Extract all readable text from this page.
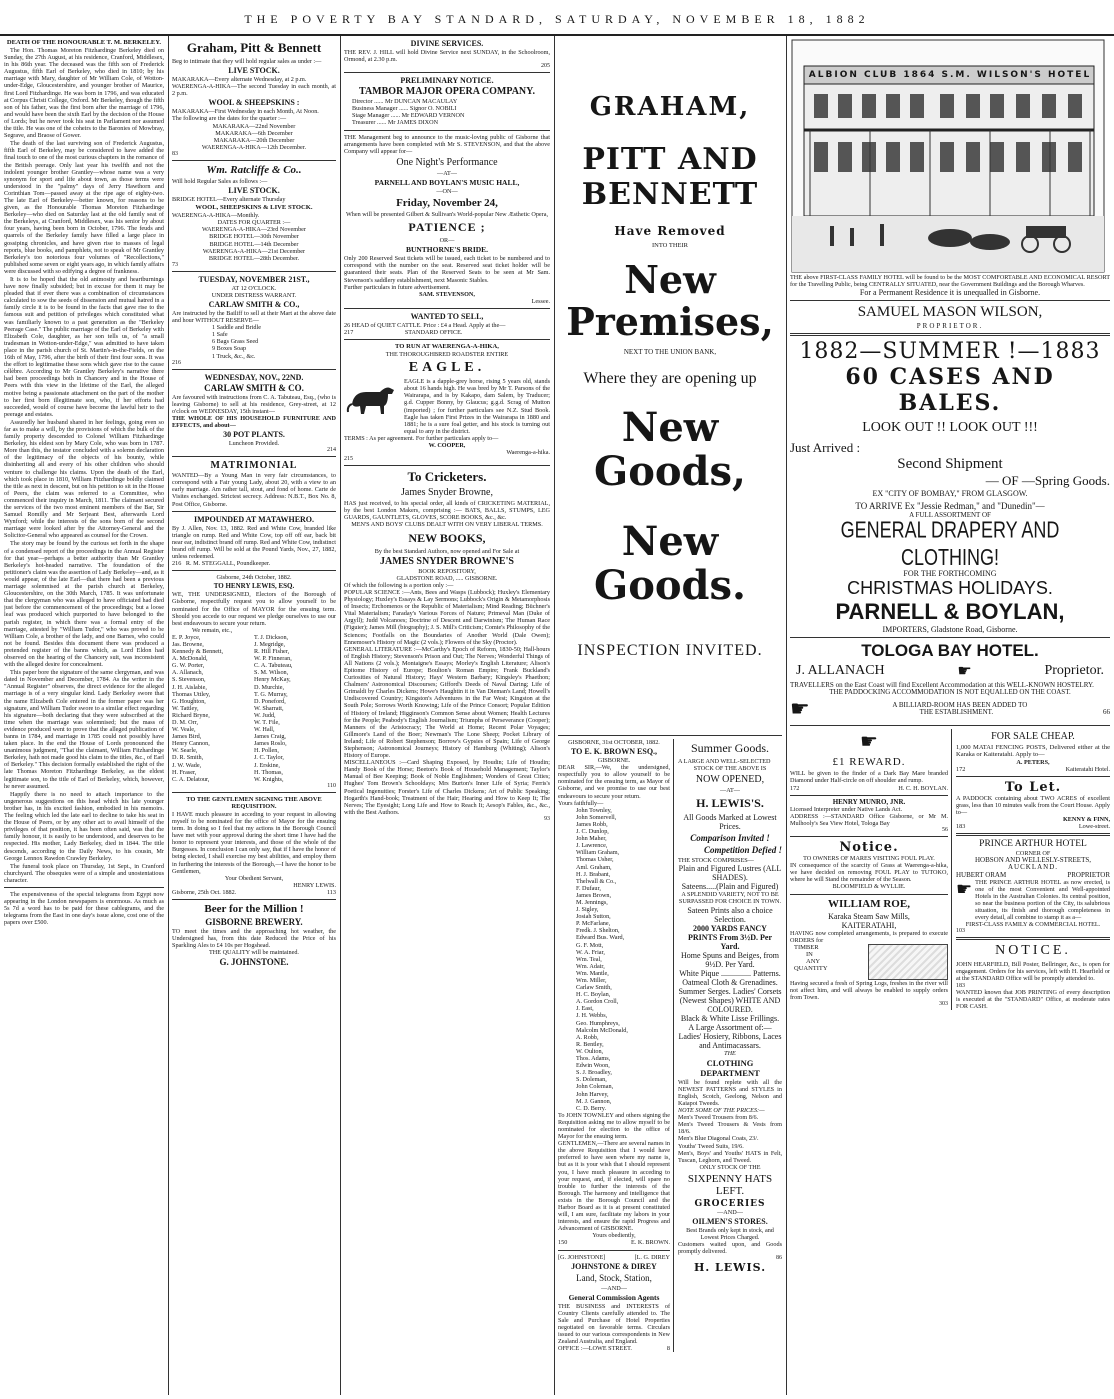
THE POVERTY BAY STANDARD, SATURDAY, NOVEMBER 18, 1882
DEATH OF THE HONOURABLE T. M. BERKELEY.

The Hon. Thomas Moreton Fitzhardinge Berkeley died on Sunday, the 27th August, at his residence, Cranford, Middlesex, in his 86th year. The deceased was the fifth son of Frederick Augustus, fifth Earl of Berkeley, who died in 1810; by his marriage with Mary, daughter of Mr William Cole, of Wotton-under-Edge, Gloucestershire, and younger brother of Maurice, first Lord Fitzhardinge. He was born in 1796, and was educated at Corpus Christi College, Oxford. Mr Berkeley, though the fifth son of his father, was the first born after the marriage of 1796, and would have been the sixth Earl by the decision of the House of Lords; but he never took his seat in Parliament nor assumed the title. He was one of the coheirs to the Baronies of Mowbray, Segrave, and Braose of Gower.

The death of the last surviving son of Frederick Augustus, fifth Earl of Berkeley, may be considered to have added the final touch to one of the most curious chapters in the romance of the British peerage. Only last year his twelfth and not the indolent younger brother Grantley—whose name was a very synonym for sport and life about town, as those terms were understood in the "palmy" days of Jerry Hawthorn and Corinthian Tom—passed away at the ripe age of eighty-two. The late Earl of Berkeley—better known, for reasons to be given, as the Honourable Thomas Moreton Fitzhardinge Berkeley—who died on Saturday last at the old family seat of the Berkeleys, at Cranford, Middlesex, was his senior by about four years, having been born in October, 1796. The feuds and quarrels of the Berkeley family have filled a large place in gossiping chronicles, and have given rise to masses of legal reports, blue books, and pamphlets, not to speak of Mr Grantley Berkeley's too notorious four volumes of "Recollections," published some seven or eight years ago, in which family affairs were discussed with so edifying a degree of frankness.

It is to be hoped that the old animosity and heartburnings have now finally subsided; but in excuse for them it may be pleaded that if ever there was a combination of circumstances calculated to sow the seeds of dissension and mutual hatred in a family circle it is to be found in the facts that gave rise to the famous suit and petition of privileges which constituted what was familiarly known to a past generation as the "Berkeley Peerage Case." The public marriage of the Earl of Berkeley with Elizabeth Cole, daughter, as her son tells us, of "a small tradesman in Wotton-under-Edge," was admitted to have taken place in the parish church of St. Martin's-in-the-Fields, on the 16th of May, 1796, after the birth of their first four sons. It was the effort to legitimatise these sons which gave rise to the cause célèbre. According to Mr Grantley Berkeley's narrative there had been proceedings both in Chancery and in the House of Peers with this view in the lifetime of the Earl, the alleged motive being a passionate attachment on the part of the mother to her first born illegitimate son, who, if her efforts had succeeded, would of course have become the lawful heir to the peerage and estates.

Assuredly her husband shared in her feelings, going even so far as to make a will, by the provisions of which the bulk of the family property descended to Colonel William Fitzhardinge Berkeley, his eldest son by Mary Cole, who was born in 1787. More than this, the testator concluded with a solemn declaration of the legitimacy of the objects of his bounty, while disinheriting all and every of his other children who should venture to challenge his claims. Upon the death of the Earl, which took place in 1810, William Fitzhardinge boldly claimed the title as next in descent, but on his petition to sit in the House of Peers, the claim was referred to a Committee, who commenced their inquiry in March, 1811. The claimant secured the services of the two most eminent members of the Bar, Sir Samuel Romilly and Mr Serjeant Best, afterwards Lord Wynford; while the interests of the sons born of the second marriage were looked after by the Attorney-General and the Solicitor-General who appeared as counsel for the Crown.

The story may be found by the curious set forth in the shape of a condensed report of the proceedings in the Annual Register for that year—perhaps a better authority than Mr Grantley Berkeley's hot-headed narrative. The foundation of the petitioner's claim was the assertion of Lady Berkeley—and, as it would appear, of the late Earl—that there had been a previous marriage solemnised at the parish church at Berkeley, Gloucestershire, on the 30th March, 1785. It was unfortunate that the clergyman who was alleged to have officiated had died just before the commencement of the proceedings; but a loose leaf was produced which purported to have belonged to the parish register, in which there was a formal entry of the marriage, attested by "William Tudor," who was proved to be William Cole, a brother of the lady, and one Barnes, who could not be found. Besides this document there was produced a pretended register of the banns which, as Lord Eldon had observed on the hearing of the Chancery suit, was inconsistent with the alleged desire for concealment.

This paper bore the signature of the same clergyman, and was dated in November and December, 1784. As the writer in the "Annual Register" observes, the direct evidence for the alleged marriage is of a very singular kind. Lady Berkeley swore that the name Elizabeth Cole entered in the former paper was her signature, and William Tudor swore to a similar effect regarding his signature—both declaring that they were subscribed at the time when the marriage was solemnised; but the mass of evidence produced went to prove that the alleged publication of banns in 1784, and marriage in 1785 could not possibly have taken place. In the end the House of Lords pronounced the unanimous judgment, "That the claimant, William Fitzhardinge Berkeley, hath not made good his claim to the titles, &c., of Earl of Berkeley." This decision formally established the right of the late Thomas Moreton Fitzhardinge Berkeley, as the eldest legitimate son, to the title of Earl of Berkeley, which, however, he never assumed.

Happily there is no need to attach importance to the ungenerous suggestions on this head which his late younger brother has, in his excited fashion, embodied in his memoirs. The feeling which led the late earl to decline to take his seat in the House of Peers, or by any other act to avail himself of the privileges of that position, it has been often said, was that the family honour, it is easily to be understood, and deserves to be respected. His mother, Lady Berkeley, died in 1844. The title descends, according to the Daily News, to his cousin, Mr George Lennox Rawdon Crawley Berkeley.

The funeral took place on Thursday, 1st Sept., in Cranford churchyard. The obsequies were of a simple and unostentatious character.

The expensiveness of the special telegrams from Egypt now appearing in the London newspapers is enormous. As much as 5s 7d a word has to be paid for these cablegrams, and the telegrams from the East in one day's issue alone, cost one of the papers over £500.

Graham, Pitt & Bennett
Beg to intimate that they will hold regular sales as under :—
LIVE STOCK.
MAKARAKA—Every alternate Wednesday, at 2 p.m.
WAERENGA-A-HIKA—The second Tuesday in each month, at 2 p.m.
WOOL & SHEEPSKINS :
MAKARAKA—First Wednesday in each Month, At Noon.
The following are the dates for the quarter :—
MAKARAKA—22nd November
MAKARAKA—6th December
MAKARAKA—20th December
WAERENGA-A-HIKA—12th December.
83
Wm. Ratcliffe & Co..
Will hold Regular Sales as follows :—
LIVE STOCK.
BRIDGE HOTEL—Every alternate Thursday
WOOL, SHEEPSKINS & LIVE STOCK.
WAERENGA-A-HIKA—Monthly.
DATES FOR QUARTER :—
WAERENGA-A-HIKA—23rd November
BRIDGE HOTEL—30th November
BRIDGE HOTEL—14th December
WAERENGA-A-HIKA—21st December
BRIDGE HOTEL—28th December.
73
TUESDAY, NOVEMBER 21ST.,
AT 12 O'CLOCK.
UNDER DISTRESS WARRANT.
CARLAW SMITH & CO.,
Are instructed by the Bailiff to sell at their Mart at the above date and hour WITHOUT RESERVE—
1 Saddle and Bridle
1 Safe
6 Bags Grass Seed
9 Boxes Soap
1 Truck, &c., &c.
216
WEDNESDAY, NOV., 22ND.
CARLAW SMITH & CO.
Are favoured with instructions from C. A. Tabuteau, Esq., (who is leaving Gisborne) to sell at his residence, Grey-street, at 12 o'clock on WEDNESDAY, 15th instant—
THE WHOLE OF HIS HOUSEHOLD FURNITURE AND EFFECTS, and about—
30 POT PLANTS.
Luncheon Provided.
214
MATRIMONIAL
WANTED—By a Young Man in very fair circumstances, to correspond with a Fair young Lady, about 20, with a view to an early marriage. Am rather tall, stout, and fond of home. Carte de Visites exchanged. Strictest secrecy. Address: N.B.T., Box No. 8, Post Office, Gisborne.
IMPOUNDED AT MATAWHERO.
By J. Allen, Nov. 13, 1882. Red and White Cow, branded like triangle on rump. Red and White Cow, top off off ear, back bit near ear, indistinct brand off rump. Red and White Cow, indistinct brand off rump. Will be sold at the Pound Yards, Nov., 27, 1882, unless redeemed.
216 R. M. STEGGALL, Poundkeeper.
Gisborne, 24th October, 1882.
TO HENRY LEWIS, ESQ.
WE, THE UNDERSIGNED, Electors of the Borough of Gisborne, respectfully request you to allow yourself to be nominated for the Office of MAYOR for the ensuing term. Should you accede to our request we pledge ourselves to use our best endeavours to secure your return.
We remain, etc.,
E. P. Joyce,
Jas. Browne,
Kennedy & Bennett,
A. McDonald,
G. W. Porter,
A. Allanach,
S. Stevenson,
J. H. Aislabie,
Thomas Uttley,
G. Houghton,
W. Tattley,
Richard Bryne,
D. M. Orr,
W. Veale,
James Bird,
Henry Cannon,
W. Searle,
D. R. Smith,
J. W. Wade,
H. Fraser,
C. A. Delatour,
T. J. Dickson,
J. Megridge,
R. Hill Fisher,
W. P. Finneran,
C. A. Tabuteau,
S. M. Wilson,
Henry McKay,
D. Murchie,
T. G. Murray,
D. Poneford,
W. Sharratt,
W. Judd,
W. T. File,
W. Hall,
James Craig,
James Roslo,
H. Pollen,
J. C. Taylor,
J. Erskine,
H. Thomas,
W. Knights,
110
TO THE GENTLEMEN SIGNING THE ABOVE REQUISITION.
I HAVE much pleasure in acceding to your request in allowing myself to be nominated for the office of Mayor for the ensuing term. In doing so I feel that my actions in the Borough Council have met with your approval during the short time I have had the honor to represent your interests, and those of the whole of the Burgesses. In conclusion I can only say, that if I have the honor of being elected, I shall exercise my best abilities, and employ them in furthering the interests of the Borough,—I have the honor to be Gentlemen,
Your Obedient Servant,
HENRY LEWIS.
Gisborne, 25th Oct. 1882.	113
Beer for the Million !
GISBORNE BREWERY.
TO meet the times and the approaching hot weather, the Undersigned has, from this date Reduced the Price of his Sparkling Ales to £4 10s per Hogshead.
THE QUALITY will be maintained.
G. JOHNSTONE.
DIVINE SERVICES.
THE REV. J. HILL will hold Divine Service next SUNDAY, in the Schoolroom, Ormond, at 2.30 p.m.
205
PRELIMINARY NOTICE.
TAMBOR MAJOR OPERA COMPANY.
Director ...... Mr DUNCAN MACAULAY
Business Manager ...... Signor O. NOBILI
Stage Manager ...... Mr EDWARD VERNON
Treasurer ...... Mr JAMES DIXON
THE Management beg to announce to the music-loving public of Gisborne that arrangements have been completed with Mr S. STEVENSON, and that the above Company will appear for—
One Night's Performance
—AT—
PARNELL AND BOYLAN'S MUSIC HALL,
—ON—
Friday, November 24,
When will be presented Gilbert & Sullivan's World-popular New Æsthetic Opera,
PATIENCE ;
OR—
BUNTHORNE'S BRIDE.
Only 200 Reserved Seat tickets will be issued, each ticket to be numbered and to correspond with the number on the seat. Reserved seat ticket holder will be guaranteed their seats. Plan of the Reserved Seats to be seen at Mr Sam. Stevenson's saddlery establishment, next Masonic Stables.
Further particulars in future advertisement.
SAM. STEVENSON,
Lessee.
WANTED TO SELL,
26 HEAD of QUIET CATTLE. Price : £4 a Head. Apply at the—
217	STANDARD OFFICE.
TO RUN AT WAERENGA-A-HIKA,
THE THOROUGHBRED ROADSTER ENTIRE
EAGLE.
EAGLE is a dapple-grey horse, rising 5 years old, stands about 16 hands high. He was bred by Mr T. Parsons of the Wairarapa, and is by Kakapo, dam Salem, by Traducer; g.d. Cupper Bonny, by Glaucus; g.g.d. Scrag of Mutton (imported) ; for further particulars see N.Z. Stud Book. Eagle has taken First Prizes in the Wairarapa in 1880 and 1881; he is a sure foal getter, and his stock is turning out equal to any in the district.
TERMS : As per agreement. For further particulars apply to—
W. COOPER,
Waerenga-a-hika.
215
To Cricketers.
James Snyder Browne,
HAS just received, to his special order, all kinds of CRICKETING MATERIAL, by the best London Makers, comprising :— BATS, BALLS, STUMPS, LEG GUARDS, GAUNTLETS, GLOVES, SCORE BOOKS, &c., &c.
MEN'S AND BOYS' CLUBS DEALT WITH ON VERY LIBERAL TERMS.
NEW BOOKS,
By the best Standard Authors, now opened and For Sale at
JAMES SNYDER BROWNE'S
BOOK REPOSITORY,
GLADSTONE ROAD, ..... GISBORNE.
Of which the following is a portion only :—
POPULAR SCIENCE :—Ants, Bees and Wasps (Lubbock); Huxley's Elementary Physiology; Huxley's Essays & Lay Sermons; Lubbock's Origin & Metamorphosis of Insects; Erchomenos or the Republic of Materialism; Mind Reading; Büchner's Vital Materialism; Faraday's Various Forces of Nature; Primeval Man (Duke of Argyll); Judd Volcanoes; Doctrine of Descent and Darwinism; The Human Race (Figuier); James Mill (biography); J. S. Mill's Criticism; Comte's Philosophy of the Sciences; Footfalls on the Boundaries of Another World (Dale Owen); Ennemoser's History of Magic (2 vols.); Flowers of the Sky (Proctor).
GENERAL LITERATURE :—McCarthy's Epoch of Reform, 1830-50; Hall-hours of English History; Stevenson's Prison and Out; The Nerves; Wonderful Things of All Nations (2 vols.); Montaigne's Essays; Morley's English Literature; Alison's Epitome History of Europe; Boulton's Roman Empire; Frank Buckland's Curiosities of Natural History; Hays' Western Barbary; Kingsley's Phaethon; Chalmers' Astronomical Discourses; Gifford's Deeds of Naval Daring; Life of Grimaldi by Charles Dickens; Howe's Haughtin it in Van Dieman's Land; Howell's Undiscovered Country; Kingston's Adventures in the Far West; Kingston at the South Pole; Sorrows Worth Knowing; Life of the Prince Consort; Popular Edition of History of Ireland; Higginson's Common Sense about Women; Health Lectures for the People; Peabody's English Journalism; Triumphs of Perseverance (Cooper); Manners of the Aristocracy; The World at Home; Recent Polar Voyages; Gillmore's Land of the Boer; Newman's The Lone Sheep; Pocket Library of Ireland; Life of Robert Stephenson; Borrow's Gypsies of Spain; Life of George Stephenson; Astronomical Journeys; History of Hamburg (Whiting); Alison's History of Europe.
MISCELLANEOUS :—Card Shaping Exposed, by Houdin; Life of Houdin; Handy Book of the Horse; Beeton's Book of Household Management; Taylor's Manual of Bee Keeping; Book of Noble Englishmen; Wonders of Great Cities; Hughes' Tom Brown's Schooldays; Mrs Burton's Inner Life of Syria; Ferris's Poetical Ingenuities; Forster's Life of Charles Dickens; Art of Public Speaking; Hogarth's Hand-book; Treatment of the Hair; Hearing and How to Keep It; The Nerves; The Eyesight; Long Life and How to Reach It; Aesop's Fables, &c., &c., with the Best Authors.
93
GRAHAM,
PITT AND BENNETT
Have Removed
INTO THEIR
New Premises,
NEXT TO THE UNION BANK,
Where they are opening up
New Goods,
New Goods.
INSPECTION INVITED.
GISBORNE, 31st OCTOBER, 1882.
TO E. K. BROWN ESQ.,
GISBORNE.
DEAR SIR,—We, the undersigned, respectfully you to allow yourself to be nominated for the ensuing term, as Mayor of Gisborne, and we promise to use our best endeavours to secure your return.
Yours faithfully—
John Townley,
John Somervell,
James Robb,
J. C. Dunlop,
John Maher,
J. Lawrence,
William Graham,
Thomas Usher,
Aml. Graham,
H. J. Brabant,
Thelwall & Co.,
F. Dufaur,
James Brown,
M. Jennings,
J. Sigley,
Josiah Sutton,
P. McFarlane,
Fredk. J. Shelton,
Edward Bus. Ward,
G. F. Mott,
W. A. Friar,
Wm. Teal,
Wm. Adair,
Wm. Mantle,
Wm. Miller,
Carlaw Smith,
H. C. Boylan,
A. Gordon Croll,
J. East,
J. H. Webbs,
Geo. Humphreys,
Malcolm McDonald,
A. Robb,
R. Bentley,
W. Oulton,
Thos. Adams,
Edwin Woon,
S. J. Broadley,
S. Doleman,
John Coleman,
John Harvey,
M. J. Gannon,
C. D. Berry.
To JOHN TOWNLEY and others signing the Requisition asking me to allow myself to be nominated for election to the office of Mayor for the ensuing term.
GENTLEMEN,—There are several names in the above Requisition that I would have preferred to have seen where my name is, but as it is your wish that I should represent you, I have much pleasure in acceding to your request, and, if elected, will spare no trouble to further the interests of the Borough. The harmony and intelligence that exists in the Borough Council and the Harbor Board as it is at present constituted will, I am sure, facilitate my labors in your interests, and ensure the rapid Progress and Advancement of GISBORNE.
Yours obediently,
150	E. K. BROWN.
[G. JOHNSTONE]	[L. G. DIREY
JOHNSTONE & DIREY
Land, Stock, Station,
—AND—
General Commission Agents
THE BUSINESS and INTERESTS of Country Clients carefully attended to. The Sale and Purchase of Hotel Properties negotiated on favorable terms. Circulars issued to our various correspondents in New Zealand Australia, and England.
OFFICE :—LOWE STREET.	8
Summer Goods.
A LARGE AND WELL-SELECTED
STOCK OF THE ABOVE IS
NOW OPENED,
—AT—
H. LEWIS'S.
All Goods Marked at Lowest Prices.
Comparison Invited !
Competition Defied !
THE STOCK COMPRISES—
Plain and Figured Lustres (ALL SHADES).
Sateens.....(Plain and Figured)
A SPLENDID VARIETY, NOT TO BE SURPASSED FOR CHOICE IN TOWN.
Sateen Prints also a choice Selection.
2000 YARDS FANCY PRINTS From 3½D. Per Yard.
Home Spuns and Beiges, from 9½D. Per Yard.
White Pique ............... Patterns.
Oatmeal Cloth & Grenadines.
Summer Serges. Ladies' Corsets (Newest Shapes) WHITE AND COLOURED.
Black & White Lisse Frillings.
A Large Assortment of:— Ladies' Hosiery, Ribbons, Laces and Antimacassars.
THE
CLOTHING DEPARTMENT
Will be found replete with all the NEWEST PATTERNS and STYLES in English, Scotch, Geelong, Nelson and Kaiapoi Tweeds.
NOTE SOME OF THE PRICES:—
Men's Tweed Trousers from 8/6.
Men's Tweed Trousers & Vests from 18/6.
Men's Blue Diagonal Coats, 23/.
Youths' Tweed Suits, 19/6.
Men's, Boys' and Youths' HATS in Felt, Tuscan, Leghorn, and Tweed.
ONLY STOCK OF THE
SIXPENNY HATS LEFT.
GROCERIES
—AND—
OILMEN'S STORES.
Best Brands only kept in stock, and Lowest Prices Charged.
Customers waited upon, and Goods promptly delivered.
86
H. LEWIS.
ALBION CLUB 1864 S.M. WILSON'S HOTEL
THE above FIRST-CLASS FAMILY HOTEL will be found to be the MOST COMFORTABLE AND ECONOMICAL RESORT for the Travelling Public, being CENTRALLY SITUATED, near the Government Buildings and the Borough Wharves.
For a Permanent Residence it is unequalled in Gisborne.
SAMUEL MASON WILSON,
PROPRIETOR.
1882—SUMMER !—1883
60 CASES AND BALES.
LOOK OUT !! LOOK OUT !!!
Just Arrived :
Second Shipment
— OF —Spring Goods.
EX "CITY OF BOMBAY," FROM GLASGOW.
TO ARRIVE Ex "Jessie Redman," and "Dunedin"—
A FULL ASSORTMENT OF
GENERAL DRAPERY AND CLOTHING!
FOR THE FORTHCOMING
CHRISTMAS HOLIDAYS.
PARNELL & BOYLAN,
IMPORTERS, Gladstone Road, Gisborne.
TOLOGA BAY HOTEL.
J. ALLANACH	☛	Proprietor.
TRAVELLERS on the East Coast will find Excellent Accommodation at this WELL-KNOWN HOSTELRY.
THE PADDOCKING ACCOMMODATION IS NOT EQUALLED ON THE COAST.
☛	A BILLIARD-ROOM HAS BEEN ADDED TO
THE ESTABLISHMENT.	66
☛
£1 REWARD.
WILL be given to the finder of a Dark Bay Mare branded Diamond under Half-circle on off shoulder and rump.
172	H. C. H. BOYLAN.
HENRY MUNRO, JNR.
Licensed Interpreter under Native Lands Act.
ADDRESS :—STANDARD Office Gisborne, or Mr M. Mulhooly's Sea View Hotel, Tologa Bay
56
Notice.
TO OWNERS OF MARES VISITING FOUL PLAY.
IN consequence of the scarcity of Grass at Waerenga-a-hika, we have decided on removing FOUL PLAY to TUTOKO, where he will Stand the remainder of the Season.
BLOOMFIELD & WYLLIE.
WILLIAM ROE,
Karaka Steam Saw Mills,
KAITERATAHI,
HAVING now completed arrangements, is prepared to execute ORDERS for
TIMBER
IN
ANY
QUANTITY
Having secured a fresh of Spring Logs, freshes in the river will not affect him, and will always be enabled to supply orders from Town.
303
FOR SALE CHEAP.
1,000 MATAI FENCING POSTS, Delivered either at the Karaka or Kaiteratahi. Apply to—
A. PETERS,
172	Kaiteratahi Hotel.
To Let.
A PADDOCK containing about TWO ACRES of excellent grass, less than 10 minutes walk from the Court House. Apply to—
KENNY & FINN,
183	Lowe-street.
PRINCE ARTHUR HOTEL
CORNER OF
HOBSON AND WELLESLY-STREETS,
AUCKLAND.
HUBERT ORAM	PROPRIETOR
☛ THE PRINCE ARTHUR HOTEL as now erected, is one of the most Convenient and Well-appointed Hotels in the Australian Colonies. Its central position, so near the business portion of the City, its salubrious situation, its finish and thorough completeness in every detail, all combine to stamp it as a—
FIRST-CLASS FAMILY & COMMERCIAL HOTEL.
103
NOTICE.
JOHN HEARFIELD, Bill Poster, Bellringer, &c., is open for engagement. Orders for his services, left with H. Hearfield or at the STANDARD Office will be promptly attended to.
183
WANTED known that JOB PRINTING of every description is executed at the "STANDARD" Office, at moderate rates FOR CASH.
